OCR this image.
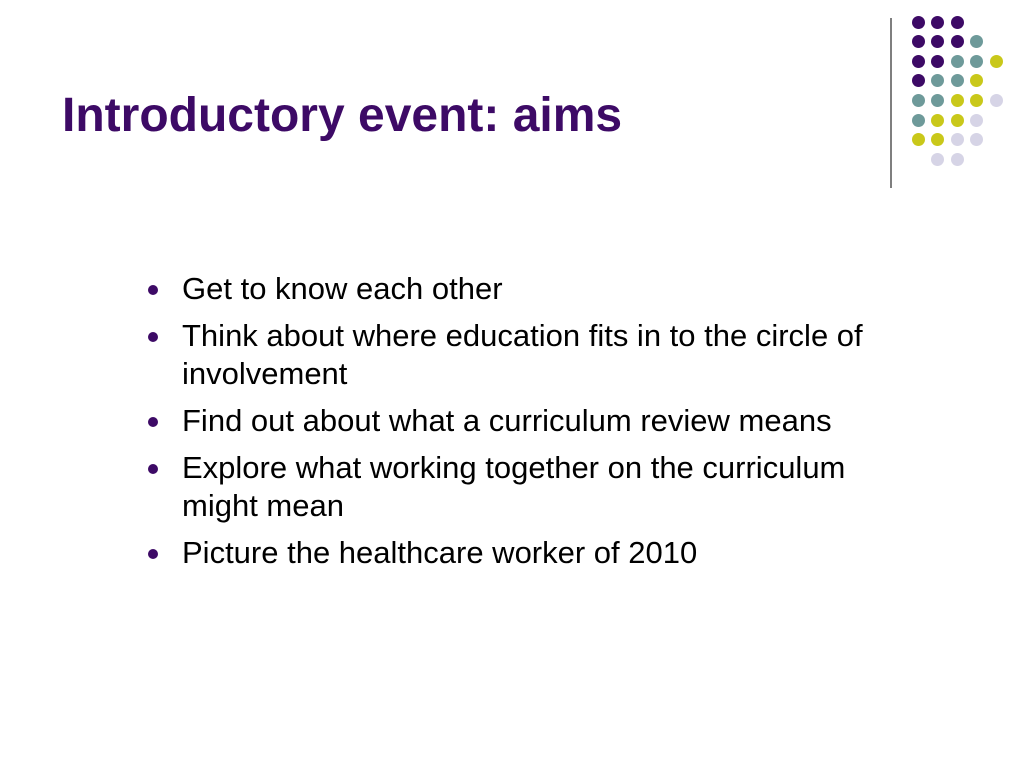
Introductory event: aims
Get to know each other
Think about where education fits in to the circle of involvement
Find out about what a curriculum review means
Explore what working together on the curriculum might mean
Picture the healthcare worker of 2010
